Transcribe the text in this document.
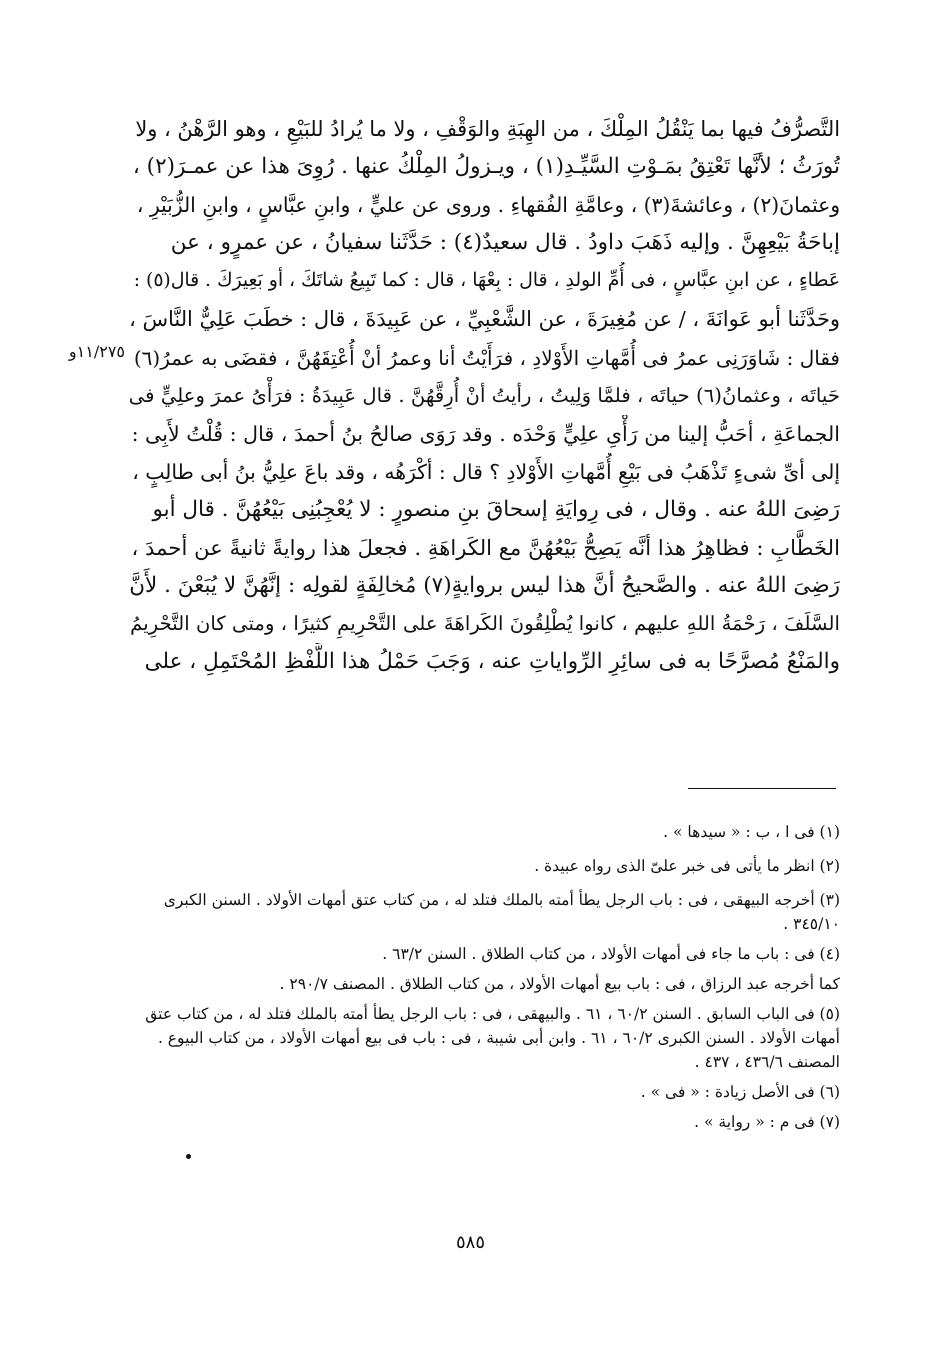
التَّصرُّفُ فيها بما يَنْقُلُ المِلْكَ ، من الهِبَةِ والوَقْفِ ، ولا ما يُرادُ للبَيْعِ ، وهو الرَّهْنُ ، ولا

تُورَثُ ؛ لأنَّها تَعْتِقُ بمَـوْتِ السَّيِّـدِ(١) ، ويـزولُ المِلْكُ عنها . رُوِىَ هذا عن عمـرَ(٢) ،

وعثمانَ(٢) ، وعائشةَ(٣) ، وعامَّةِ الفُقهاءِ . وروى عن عليٍّ ، وابنِ عبَّاسٍ ، وابنِ الزُّبَيْرِ ،

إباحَةُ بَيْعِهِنَّ . وإليه ذَهَبَ داودُ . قال سعيدٌ(٤) : حَدَّثَنا سفيانُ ، عن عمرٍو ، عن

عَطاءٍ ، عن ابنِ عبَّاسٍ ، فى أُمِّ الولدِ ، قال : بِعْهَا ، قال : كما تَبِيعُ شاتَكَ ، أو بَعِيرَكَ . قال(٥) :

وحَدَّثَنا أبو عَوانَةَ ، / عن مُغِيرَةَ ، عن الشَّعْبِيِّ ، عن عَبِيدَةَ ، قال : خطَبَ عَلِيٌّ النَّاسَ ،

فقال : شَاوَرَنِى عمرُ فى أُمَّهاتِ الأَوْلادِ ، فرَأَيْتُ أنا وعمرُ أنْ أُعْتِقَهُنَّ ، فقضَى به عمرُ(٦)

حَياتَه ، وعثمانُ(٦) حياتَه ، فلمَّا وَلِيتُ ، رأيتُ أنْ أُرِقَّهُنَّ . قال عَبِيدَةُ : فرَأْىُ عمرَ وعلِيٍّ فى

الجماعَةِ ، أحَبُّ إلينا من رَأْىِ علِيٍّ وَحْدَه . وقد رَوَى صالحُ بنُ أحمدَ ، قال : قُلْتُ لأَبِى :

إلى أىِّ شىءٍ تَذْهَبُ فى بَيْعِ أُمَّهاتِ الأَوْلادِ ؟ قال : أكْرَهُه ، وقد باعَ علِيُّ بنُ أبى طالِبٍ ،

رَضِىَ اللهُ عنه . وقال ، فى رِوايَةِ إسحاقَ بنِ منصورٍ : لا يُعْجِبُنِى بَيْعُهُنَّ . قال أبو

الخَطَّابِ : فظاهِرُ هذا أنَّه يَصِحُّ بَيْعُهُنَّ مع الكَراهَةِ . فجعلَ هذا روايةً ثانيةً عن أحمدَ ،

رَضِىَ اللهُ عنه . والصَّحيحُ أنَّ هذا ليس بروايةٍ(٧) مُخالِفَةٍ لقولِه : إنَّهُنَّ لا يُبَعْنَ . لأَنَّ

السَّلَفَ ، رَحْمَةُ اللهِ عليهم ، كانوا يُطْلِقُونَ الكَراهَةَ على التَّحْرِيمِ كثيرًا ، ومتى كان التَّحْرِيمُ

والمَنْعُ مُصرَّحًا به فى سائِرِ الرِّواياتِ عنه ، وَجَبَ حَمْلُ هذا اللَّفْظِ المُحْتَمِلِ ، على

١١/٢٧٥و
(١) فى ا ، ب : « سيدها » .
(٢) انظر ما يأتى فى خبر علىّ الذى رواه عبيدة .
(٣) أخرجه البيهقى ، فى : باب الرجل يطأ أمته بالملك فتلد له ، من كتاب عتق أمهات الأولاد . السنن الكبرى
٣٤٥/١٠ .
(٤) فى : باب ما جاء فى أمهات الأولاد ، من كتاب الطلاق . السنن ٦٣/٢ .
كما أخرجه عبد الرزاق ، فى : باب بيع أمهات الأولاد ، من كتاب الطلاق . المصنف ٢٩٠/٧ .
(٥) فى الباب السابق . السنن ٦٠/٢ ، ٦١ . والبيهقى ، فى : باب الرجل يطأ أمته بالملك فتلد له ، من كتاب عتق
أمهات الأولاد . السنن الكبرى ٦٠/٢ ، ٦١ . وابن أبى شيبة ، فى : باب فى بيع أمهات الأولاد ، من كتاب البيوع .
المصنف ٤٣٦/٦ ، ٤٣٧ .
(٦) فى الأصل زيادة : « فى » .
(٧) فى م : « رواية » .
٥٨٥
